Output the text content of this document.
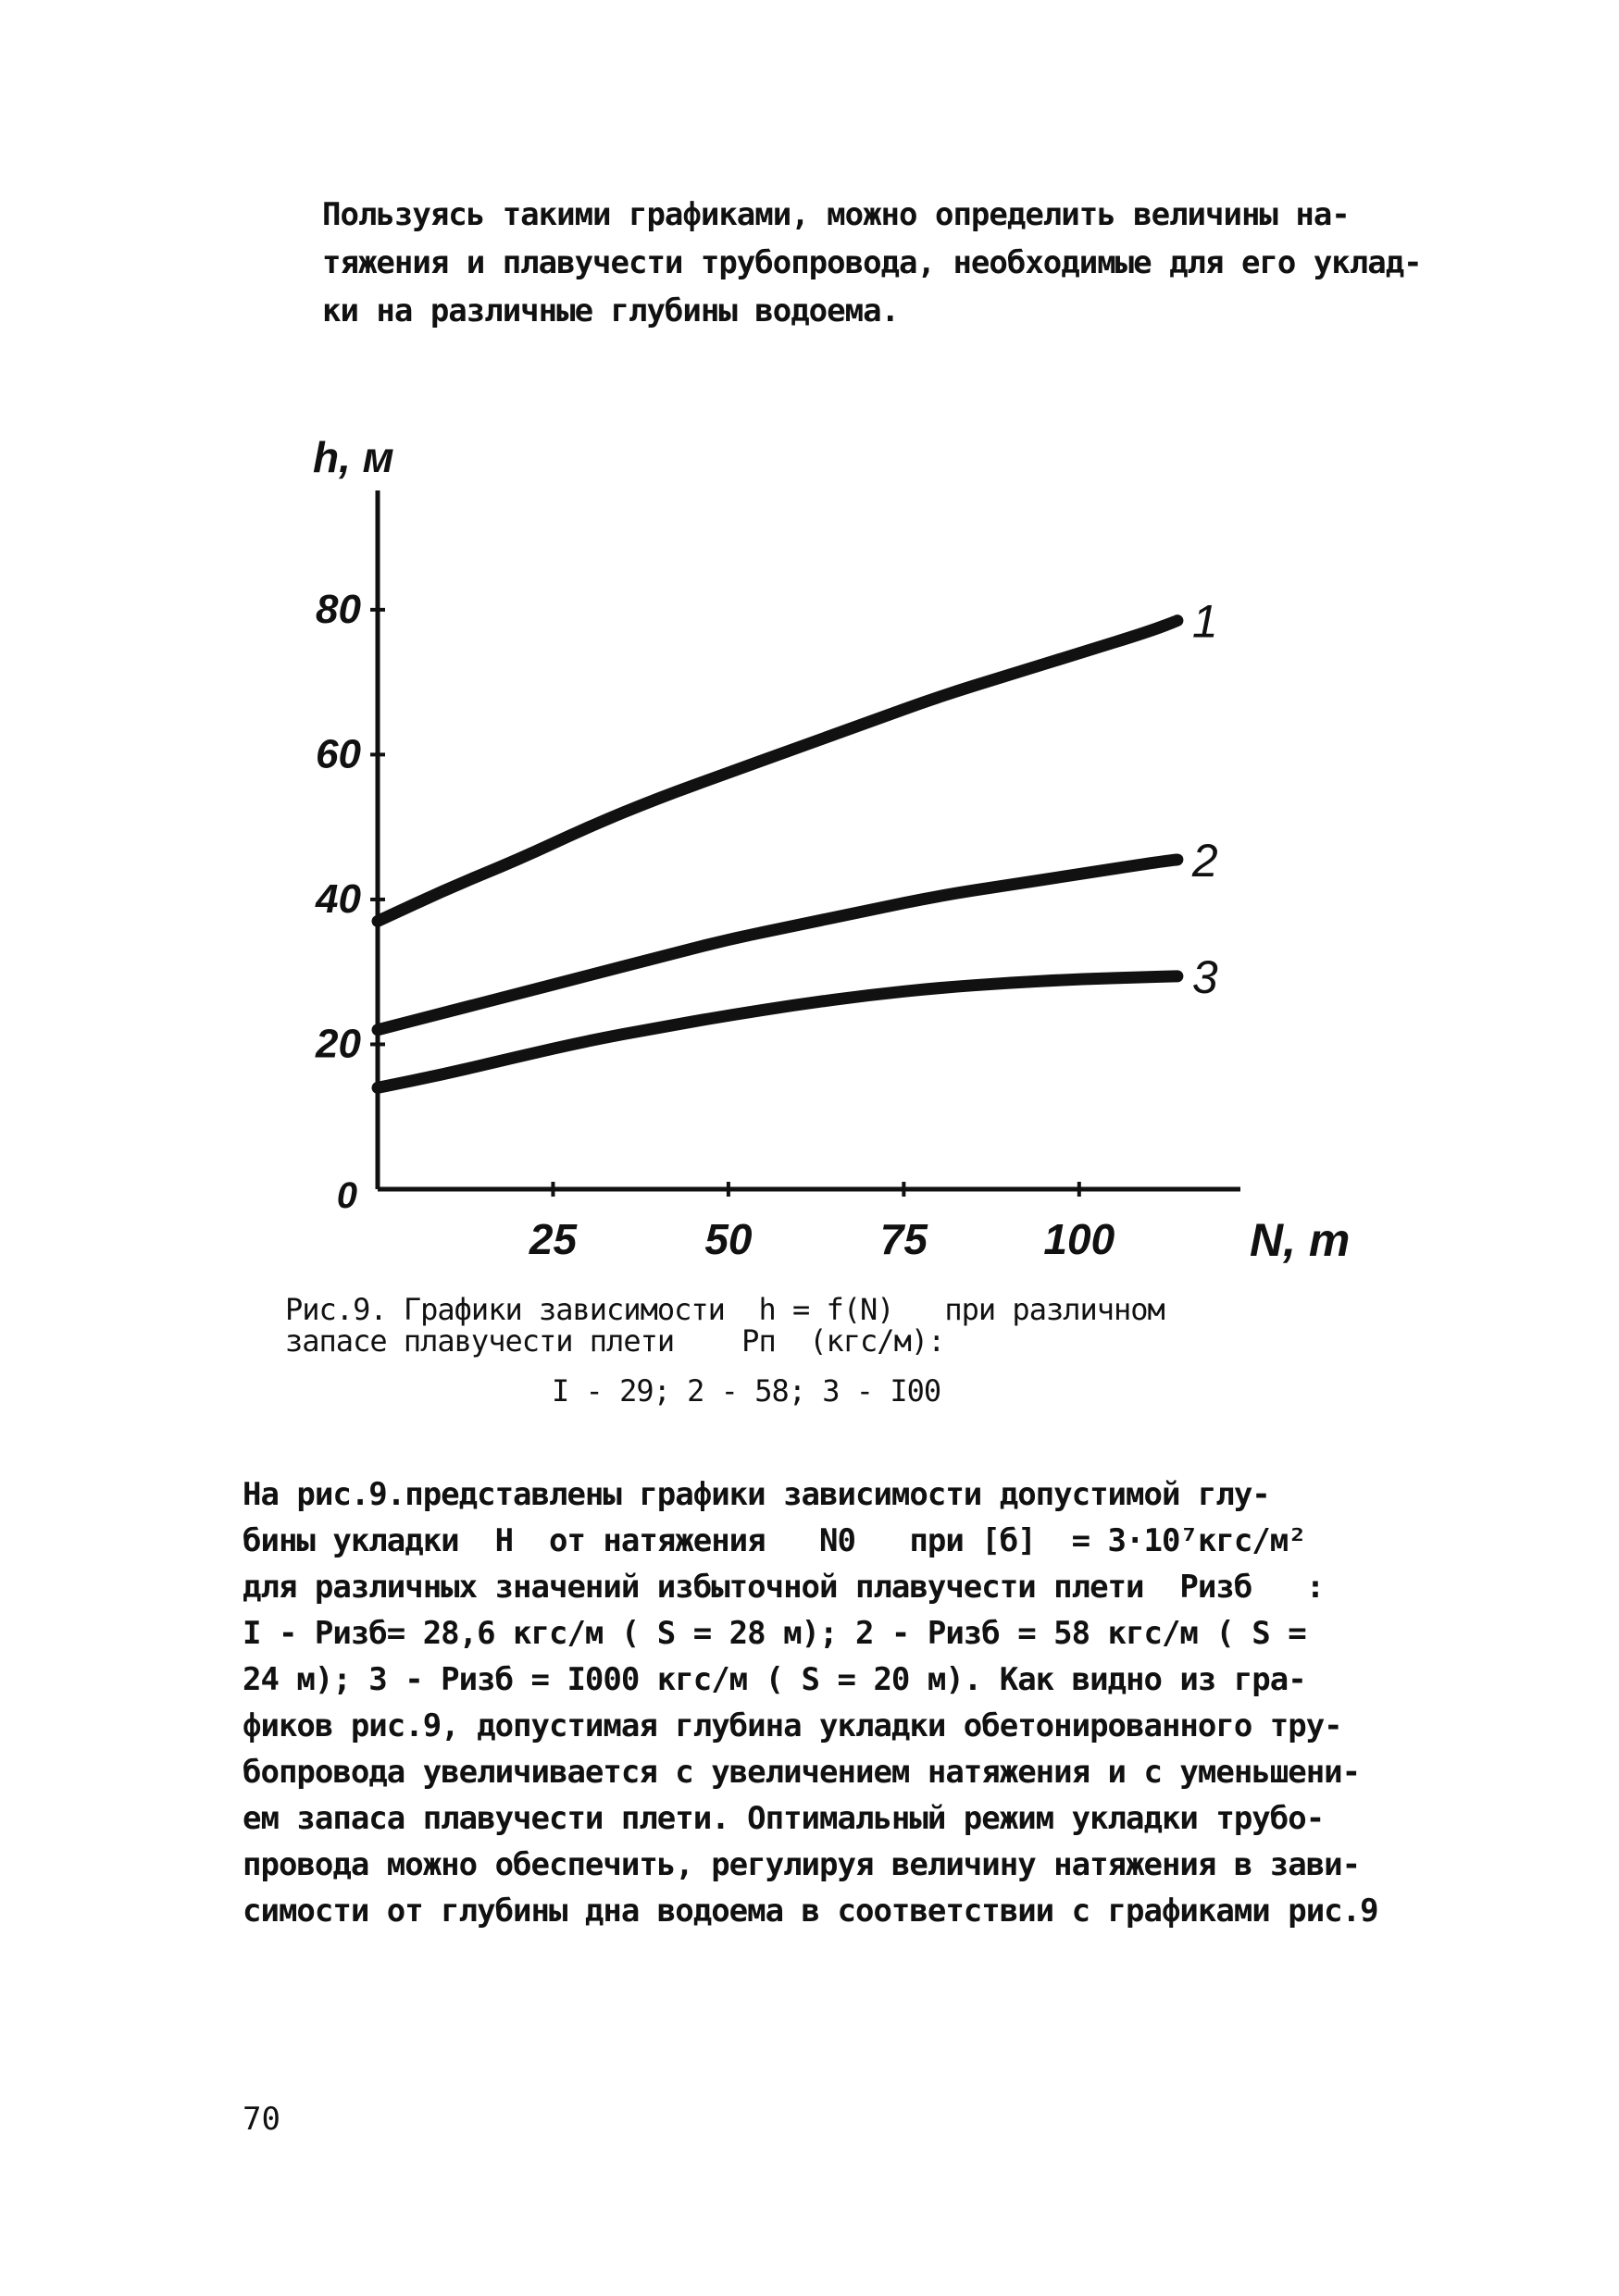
Пользуясь такими графиками, можно определить величины на-
тяжения и плавучести трубопровода, необходимые для его уклад-
ки на различные глубины водоема.

20
40
60
80
0
25	50	75	100
h, м
N, т
1
2
3

Рис.9. Графики зависимости  h = f(N)   при различном

запасе плавучести плети    Pп  (кгс/м):

I - 29; 2 - 58; 3 - I00

На рис.9.представлены графики зависимости допустимой глу-
бины укладки  H  от натяжения   N0   при [б]  = 3·10⁷кгс/м²
для различных значений избыточной плавучести плети  Pизб   :
I - Pизб= 28,6 кгс/м ( S = 28 м); 2 - Pизб = 58 кгс/м ( S =
24 м); 3 - Pизб = I000 кгс/м ( S = 20 м). Как видно из гра-
фиков рис.9, допустимая глубина укладки обетонированного тру-
бопровода увеличивается с увеличением натяжения и с уменьшени-
ем запаса плавучести плети. Оптимальный режим укладки трубо-
провода можно обеспечить, регулируя величину натяжения в зави-
симости от глубины дна водоема в соответствии с графиками рис.9

70
